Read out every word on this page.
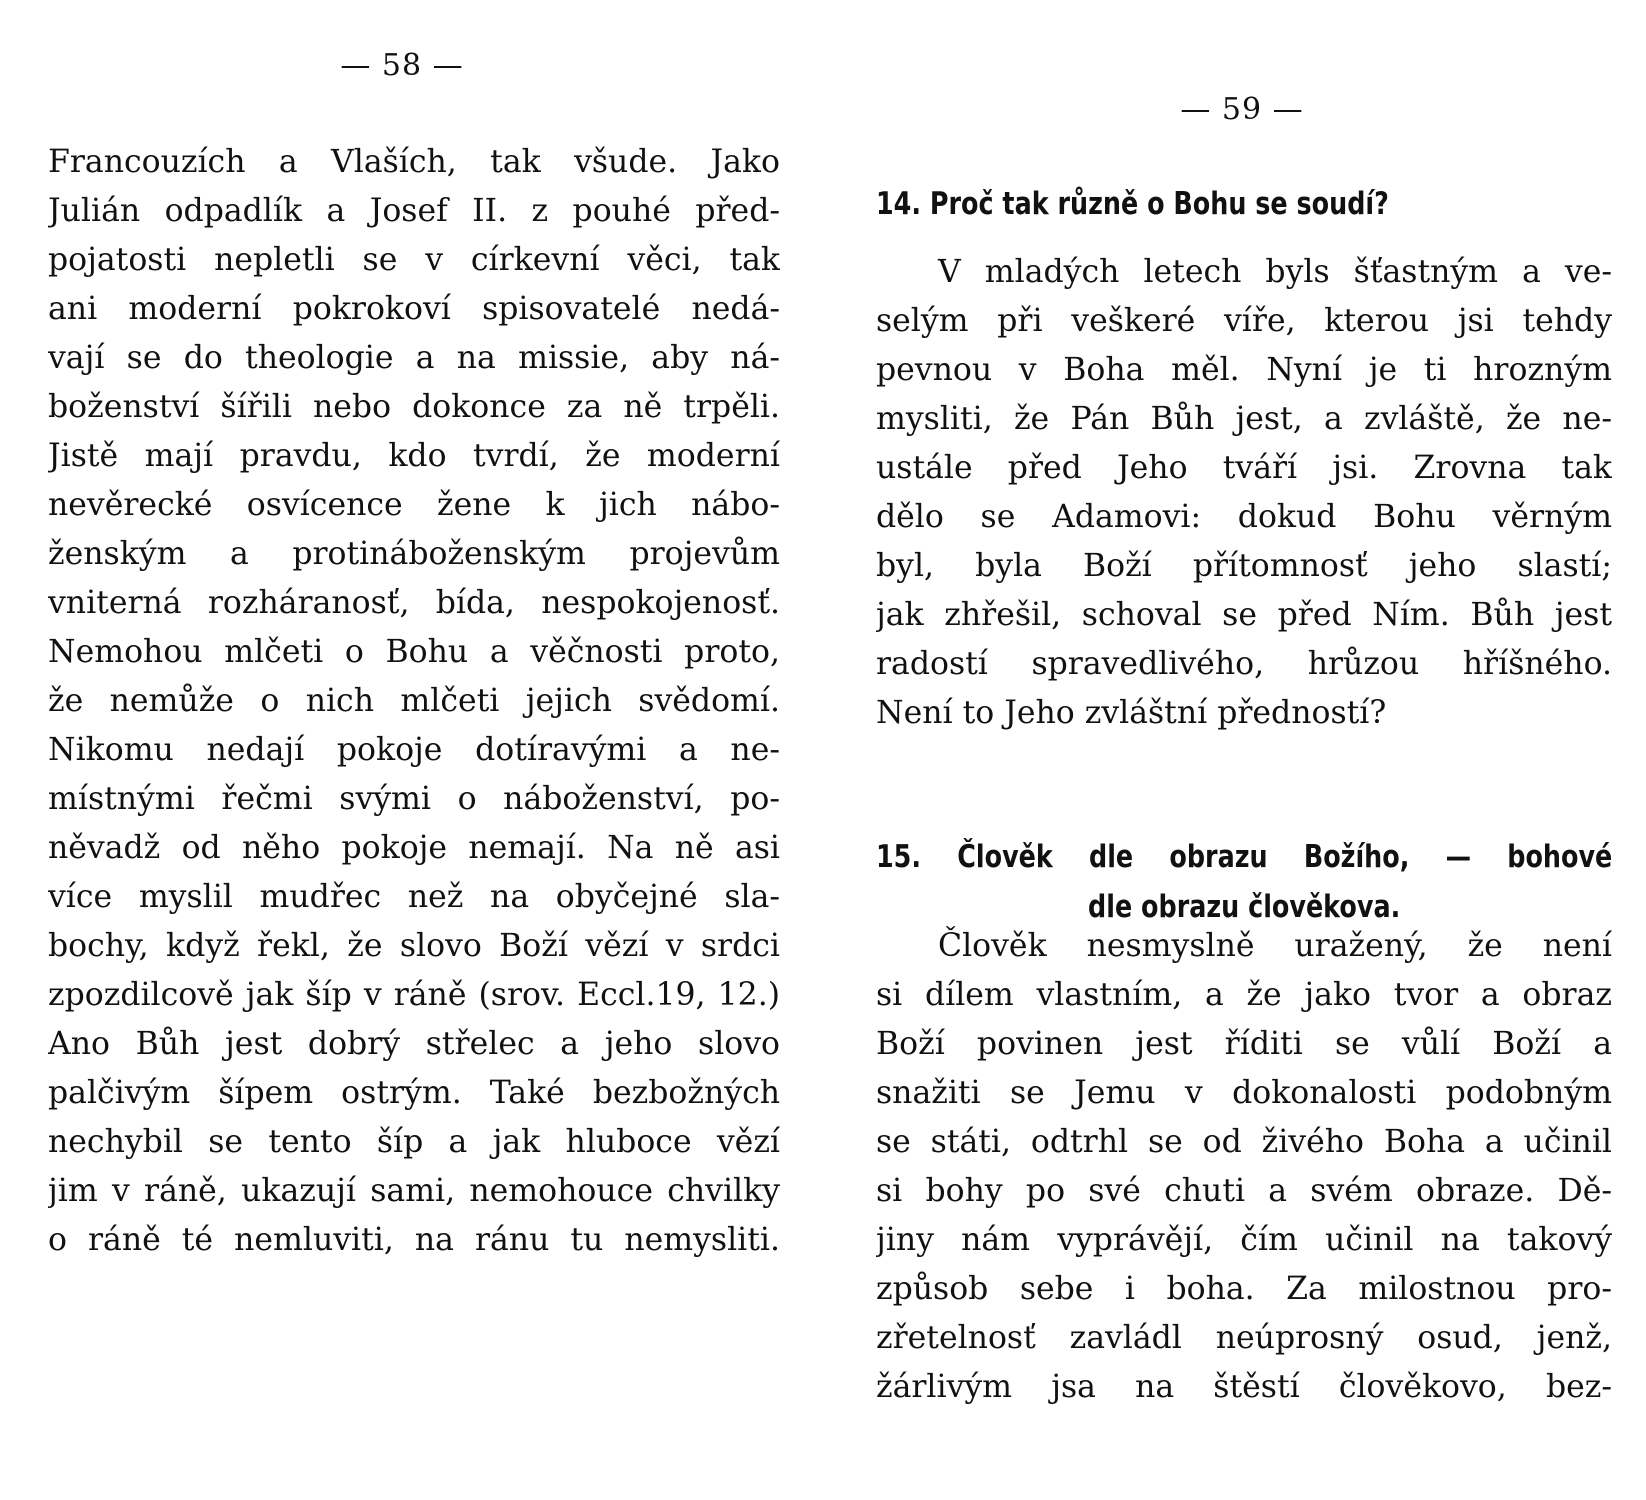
— 58 —
Francouzích a Vlaších, tak všude. Jako
Julián odpadlík a Josef II. z pouhé před-
pojatosti nepletli se v církevní věci, tak
ani moderní pokrokoví spisovatelé nedá-
vají se do theologie a na missie, aby ná-
boženství šířili nebo dokonce za ně trpěli.
Jistě mají pravdu, kdo tvrdí, že moderní
nevěrecké osvícence žene k jich nábo-
ženským a protináboženským projevům
vniterná rozháranosť, bída, nespokojenosť.
Nemohou mlčeti o Bohu a věčnosti proto,
že nemůže o nich mlčeti jejich svědomí.
Nikomu nedají pokoje dotíravými a ne-
místnými řečmi svými o náboženství, po-
něvadž od něho pokoje nemají. Na ně asi
více myslil mudřec než na obyčejné sla-
bochy, když řekl, že slovo Boží vězí v srdci
zpozdilcově jak šíp v ráně (srov. Eccl.19, 12.)
Ano Bůh jest dobrý střelec a jeho slovo
palčivým šípem ostrým. Také bezbožných
nechybil se tento šíp a jak hluboce vězí
jim v ráně, ukazují sami, nemohouce chvilky
o ráně té nemluviti, na ránu tu nemysliti.
— 59 —
14. Proč tak různě o Bohu se soudí?
V mladých letech byls šťastným a ve-
selým při veškeré víře, kterou jsi tehdy
pevnou v Boha měl. Nyní je ti hrozným
mysliti, že Pán Bůh jest, a zvláště, že ne-
ustále před Jeho tváří jsi. Zrovna tak
dělo se Adamovi: dokud Bohu věrným
byl, byla Boží přítomnosť jeho slastí;
jak zhřešil, schoval se před Ním. Bůh jest
radostí spravedlivého, hrůzou hříšného.
Není to Jeho zvláštní předností?
15. Člověk dle obrazu Božího, — bohové
dle obrazu člověkova.
Člověk nesmyslně uražený, že není
si dílem vlastním, a že jako tvor a obraz
Boží povinen jest říditi se vůlí Boží a
snažiti se Jemu v dokonalosti podobným
se státi, odtrhl se od živého Boha a učinil
si bohy po své chuti a svém obraze. Dě-
jiny nám vyprávějí, čím učinil na takový
způsob sebe i boha. Za milostnou pro-
zřetelnosť zavládl neúprosný osud, jenž,
žárlivým jsa na štěstí člověkovo, bez-
